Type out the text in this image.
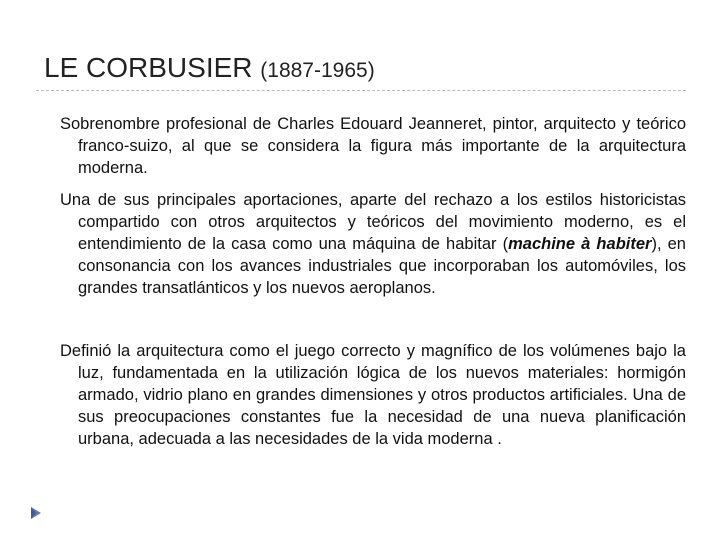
LE CORBUSIER (1887-1965)
Sobrenombre profesional de Charles Edouard Jeanneret, pintor, arquitecto y teórico franco-suizo, al que se considera la figura más importante de la arquitectura moderna.
Una de sus principales aportaciones, aparte del rechazo a los estilos historicistas compartido con otros arquitectos y teóricos del movimiento moderno, es el entendimiento de la casa como una máquina de habitar (machine à habiter), en consonancia con los avances industriales que incorporaban los automóviles, los grandes transatlánticos y los nuevos aeroplanos.
Definió la arquitectura como el juego correcto y magnífico de los volúmenes bajo la luz, fundamentada en la utilización lógica de los nuevos materiales: hormigón armado, vidrio plano en grandes dimensiones y otros productos artificiales. Una de sus preocupaciones constantes fue la necesidad de una nueva planificación urbana, adecuada a las necesidades de la vida moderna .
